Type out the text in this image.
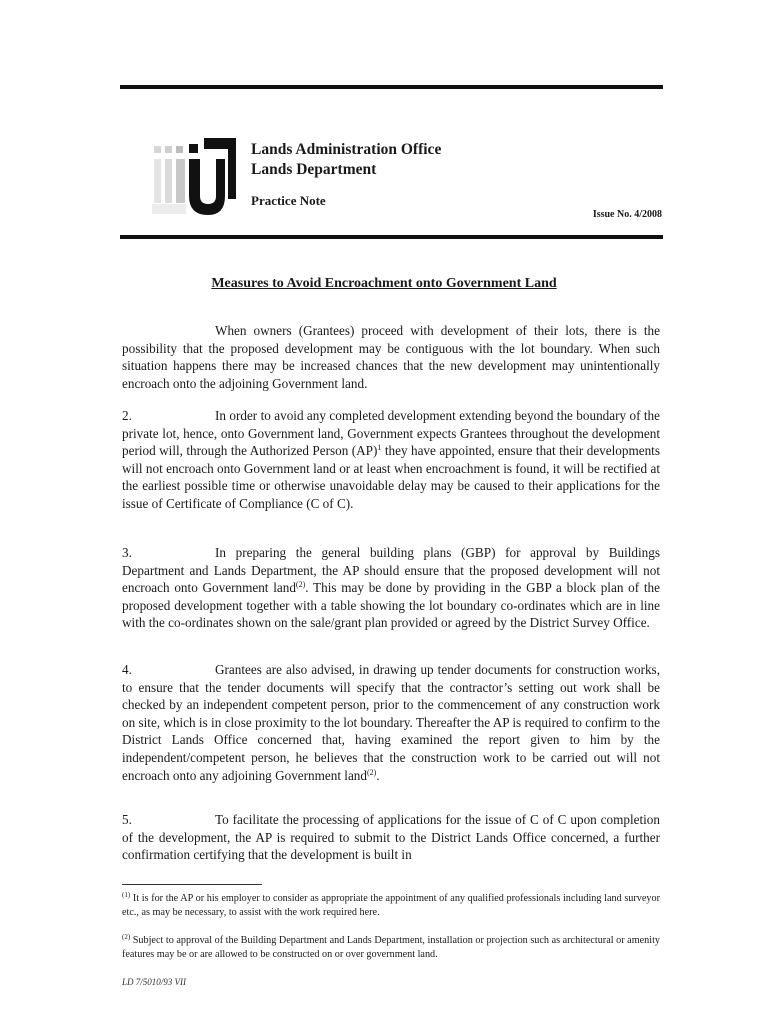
Lands Administration Office
Lands Department
Practice Note
Issue No. 4/2008
Measures to Avoid Encroachment onto Government Land

When owners (Grantees) proceed with development of their lots, there is the possibility that the proposed development may be contiguous with the lot boundary. When such situation happens there may be increased chances that the new development may unintentionally encroach onto the adjoining Government land.

2.	In order to avoid any completed development extending beyond the boundary of the private lot, hence, onto Government land, Government expects Grantees throughout the development period will, through the Authorized Person (AP)$^1$ they have appointed, ensure that their developments will not encroach onto Government land or at least when encroachment is found, it will be rectified at the earliest possible time or otherwise unavoidable delay may be caused to their applications for the issue of Certificate of Compliance (C of C).

3.	In preparing the general building plans (GBP) for approval by Buildings Department and Lands Department, the AP should ensure that the proposed development will not encroach onto Government land$^{(2)}$. This may be done by providing in the GBP a block plan of the proposed development together with a table showing the lot boundary co-ordinates which are in line with the co-ordinates shown on the sale/grant plan provided or agreed by the District Survey Office.

4.	Grantees are also advised, in drawing up tender documents for construction works, to ensure that the tender documents will specify that the contractor’s setting out work shall be checked by an independent competent person, prior to the commencement of any construction work on site, which is in close proximity to the lot boundary. Thereafter the AP is required to confirm to the District Lands Office concerned that, having examined the report given to him by the independent/competent person, he believes that the construction work to be carried out will not encroach onto any adjoining Government land$^{(2)}$.

5.	To facilitate the processing of applications for the issue of C of C upon completion of the development, the AP is required to submit to the District Lands Office concerned, a further confirmation certifying that the development is built in

$^{(1)}$ It is for the AP or his employer to consider as appropriate the appointment of any qualified professionals including land surveyor etc., as may be necessary, to assist with the work required here.

$^{(2)}$ Subject to approval of the Building Department and Lands Department, installation or projection such as architectural or amenity features may be or are allowed to be constructed on or over government land.

LD 7/5010/93 VII
